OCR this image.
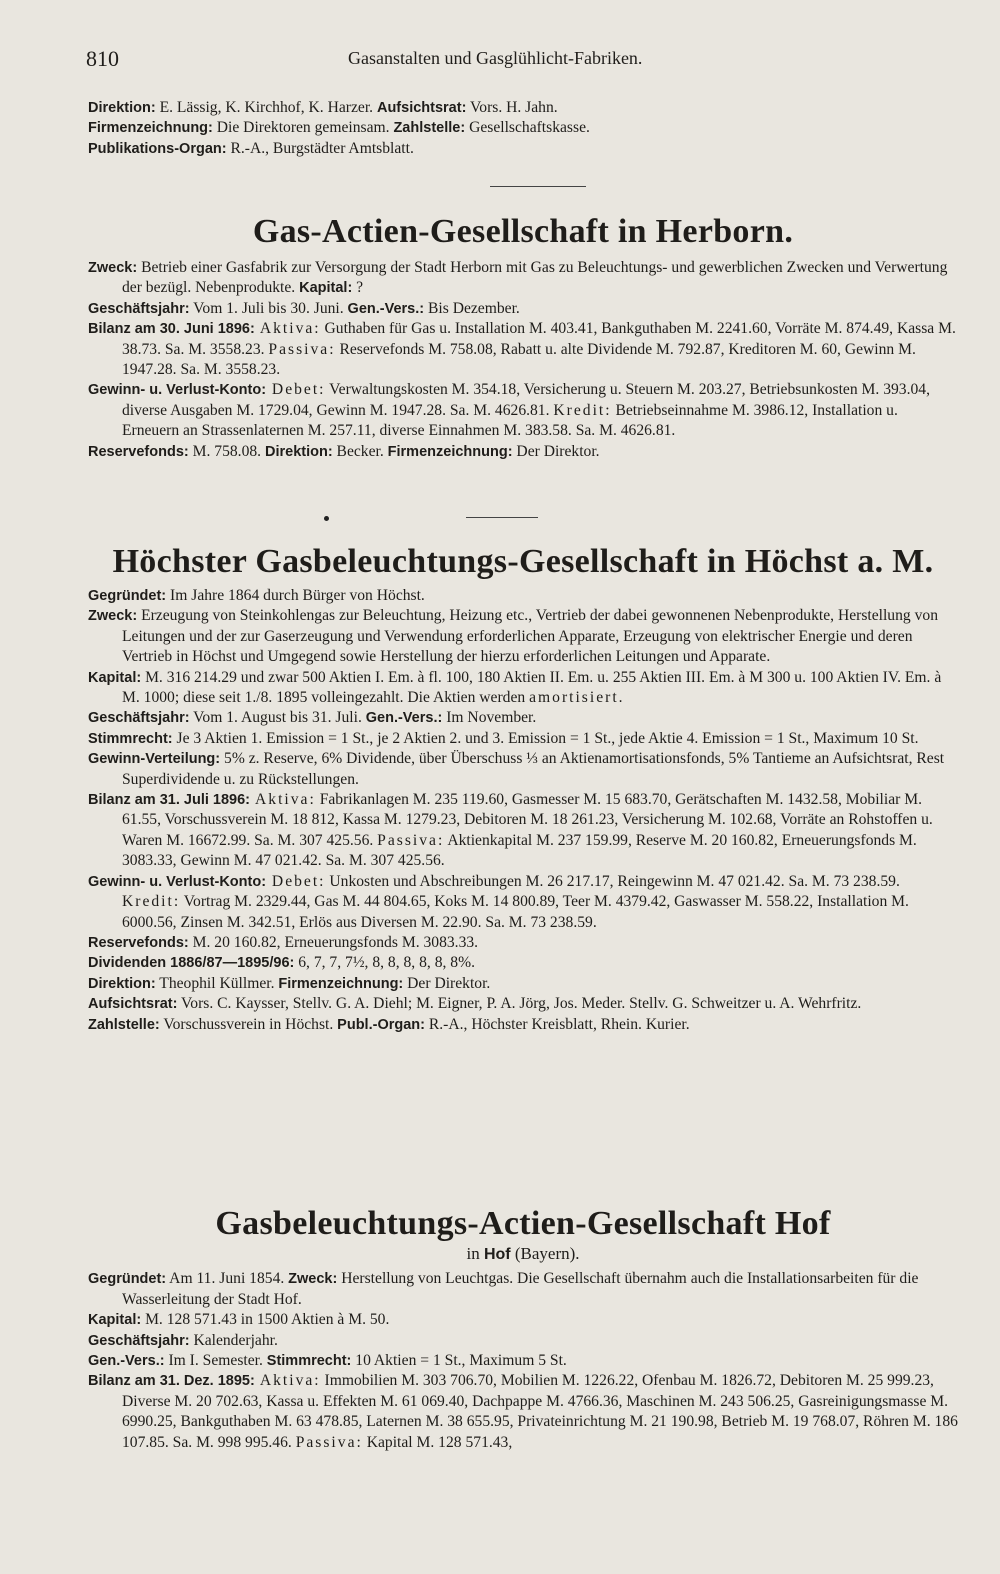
810	Gasanstalten und Gasglühlicht-Fabriken.

Direktion: E. Lässig, K. Kirchhof, K. Harzer. Aufsichtsrat: Vors. H. Jahn.

Firmenzeichnung: Die Direktoren gemeinsam. Zahlstelle: Gesellschaftskasse.

Publikations-Organ: R.-A., Burgstädter Amtsblatt.

Gas-Actien-Gesellschaft in Herborn.

Zweck: Betrieb einer Gasfabrik zur Versorgung der Stadt Herborn mit Gas zu Beleuchtungs- und gewerblichen Zwecken und Verwertung der bezügl. Nebenprodukte. Kapital: ?

Geschäftsjahr: Vom 1. Juli bis 30. Juni. Gen.-Vers.: Bis Dezember.

Bilanz am 30. Juni 1896: Aktiva: Guthaben für Gas u. Installation M. 403.41, Bankguthaben M. 2241.60, Vorräte M. 874.49, Kassa M. 38.73. Sa. M. 3558.23. Passiva: Reservefonds M. 758.08, Rabatt u. alte Dividende M. 792.87, Kreditoren M. 60, Gewinn M. 1947.28. Sa. M. 3558.23.

Gewinn- u. Verlust-Konto: Debet: Verwaltungskosten M. 354.18, Versicherung u. Steuern M. 203.27, Betriebsunkosten M. 393.04, diverse Ausgaben M. 1729.04, Gewinn M. 1947.28. Sa. M. 4626.81. Kredit: Betriebseinnahme M. 3986.12, Installation u. Erneuern an Strassenlaternen M. 257.11, diverse Einnahmen M. 383.58. Sa. M. 4626.81.

Reservefonds: M. 758.08. Direktion: Becker. Firmenzeichnung: Der Direktor.

Höchster Gasbeleuchtungs-Gesellschaft in Höchst a. M.

Gegründet: Im Jahre 1864 durch Bürger von Höchst.

Zweck: Erzeugung von Steinkohlengas zur Beleuchtung, Heizung etc., Vertrieb der dabei gewonnenen Nebenprodukte, Herstellung von Leitungen und der zur Gaserzeugung und Verwendung erforderlichen Apparate, Erzeugung von elektrischer Energie und deren Vertrieb in Höchst und Umgegend sowie Herstellung der hierzu erforderlichen Leitungen und Apparate.

Kapital: M. 316 214.29 und zwar 500 Aktien I. Em. à fl. 100, 180 Aktien II. Em. u. 255 Aktien III. Em. à M 300 u. 100 Aktien IV. Em. à M. 1000; diese seit 1./8. 1895 volleingezahlt. Die Aktien werden amortisiert.

Geschäftsjahr: Vom 1. August bis 31. Juli. Gen.-Vers.: Im November.

Stimmrecht: Je 3 Aktien 1. Emission = 1 St., je 2 Aktien 2. und 3. Emission = 1 St., jede Aktie 4. Emission = 1 St., Maximum 10 St.

Gewinn-Verteilung: 5% z. Reserve, 6% Dividende, über Überschuss ⅓ an Aktienamortisationsfonds, 5% Tantieme an Aufsichtsrat, Rest Superdividende u. zu Rückstellungen.

Bilanz am 31. Juli 1896: Aktiva: Fabrikanlagen M. 235 119.60, Gasmesser M. 15 683.70, Gerätschaften M. 1432.58, Mobiliar M. 61.55, Vorschussverein M. 18 812, Kassa M. 1279.23, Debitoren M. 18 261.23, Versicherung M. 102.68, Vorräte an Rohstoffen u. Waren M. 16672.99. Sa. M. 307 425.56. Passiva: Aktienkapital M. 237 159.99, Reserve M. 20 160.82, Erneuerungsfonds M. 3083.33, Gewinn M. 47 021.42. Sa. M. 307 425.56.

Gewinn- u. Verlust-Konto: Debet: Unkosten und Abschreibungen M. 26 217.17, Reingewinn M. 47 021.42. Sa. M. 73 238.59. Kredit: Vortrag M. 2329.44, Gas M. 44 804.65, Koks M. 14 800.89, Teer M. 4379.42, Gaswasser M. 558.22, Installation M. 6000.56, Zinsen M. 342.51, Erlös aus Diversen M. 22.90. Sa. M. 73 238.59.

Reservefonds: M. 20 160.82, Erneuerungsfonds M. 3083.33.

Dividenden 1886/87—1895/96: 6, 7, 7, 7½, 8, 8, 8, 8, 8, 8%.

Direktion: Theophil Küllmer. Firmenzeichnung: Der Direktor.

Aufsichtsrat: Vors. C. Kaysser, Stellv. G. A. Diehl; M. Eigner, P. A. Jörg, Jos. Meder. Stellv. G. Schweitzer u. A. Wehrfritz.

Zahlstelle: Vorschussverein in Höchst. Publ.-Organ: R.-A., Höchster Kreisblatt, Rhein. Kurier.

Gasbeleuchtungs-Actien-Gesellschaft Hof

in Hof (Bayern).

Gegründet: Am 11. Juni 1854. Zweck: Herstellung von Leuchtgas. Die Gesellschaft übernahm auch die Installationsarbeiten für die Wasserleitung der Stadt Hof.

Kapital: M. 128 571.43 in 1500 Aktien à M. 50.

Geschäftsjahr: Kalenderjahr.

Gen.-Vers.: Im I. Semester. Stimmrecht: 10 Aktien = 1 St., Maximum 5 St.

Bilanz am 31. Dez. 1895: Aktiva: Immobilien M. 303 706.70, Mobilien M. 1226.22, Ofenbau M. 1826.72, Debitoren M. 25 999.23, Diverse M. 20 702.63, Kassa u. Effekten M. 61 069.40, Dachpappe M. 4766.36, Maschinen M. 243 506.25, Gasreinigungsmasse M. 6990.25, Bankguthaben M. 63 478.85, Laternen M. 38 655.95, Privateinrichtung M. 21 190.98, Betrieb M. 19 768.07, Röhren M. 186 107.85. Sa. M. 998 995.46. Passiva: Kapital M. 128 571.43,
